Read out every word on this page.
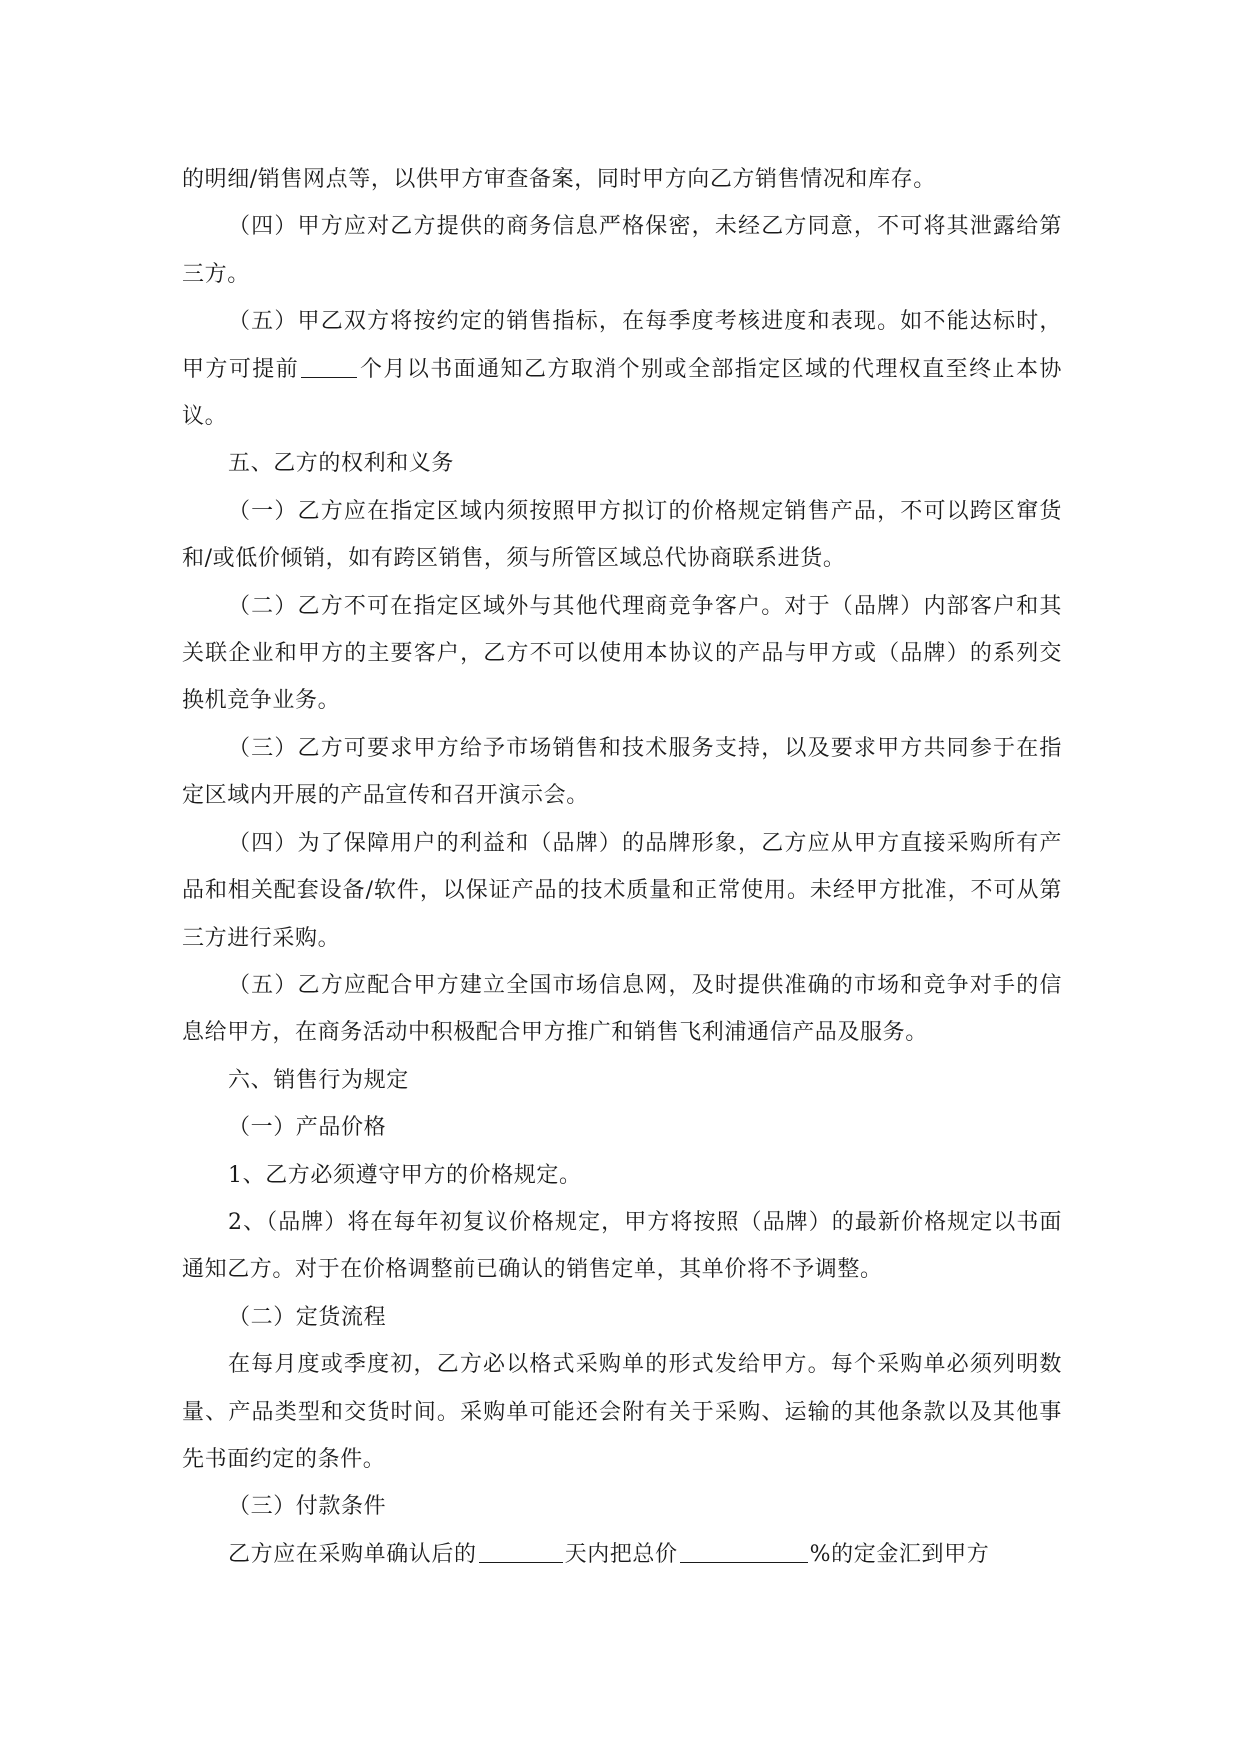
的明细/销售网点等，以供甲方审查备案，同时甲方向乙方销售情况和库存。

（四）甲方应对乙方提供的商务信息严格保密，未经乙方同意，不可将其泄露给第三方。

（五）甲乙双方将按约定的销售指标，在每季度考核进度和表现。如不能达标时，甲方可提前	个月以书面通知乙方取消个别或全部指定区域的代理权直至终止本协议。

五、乙方的权利和义务

（一）乙方应在指定区域内须按照甲方拟订的价格规定销售产品，不可以跨区窜货和/或低价倾销，如有跨区销售，须与所管区域总代协商联系进货。

（二）乙方不可在指定区域外与其他代理商竞争客户。对于（品牌）内部客户和其关联企业和甲方的主要客户，乙方不可以使用本协议的产品与甲方或（品牌）的系列交换机竞争业务。

（三）乙方可要求甲方给予市场销售和技术服务支持，以及要求甲方共同参于在指定区域内开展的产品宣传和召开演示会。

（四）为了保障用户的利益和（品牌）的品牌形象，乙方应从甲方直接采购所有产品和相关配套设备/软件，以保证产品的技术质量和正常使用。未经甲方批准，不可从第三方进行采购。

（五）乙方应配合甲方建立全国市场信息网，及时提供准确的市场和竞争对手的信息给甲方，在商务活动中积极配合甲方推广和销售飞利浦通信产品及服务。

六、销售行为规定

（一）产品价格

1、乙方必须遵守甲方的价格规定。

2、（品牌）将在每年初复议价格规定，甲方将按照（品牌）的最新价格规定以书面通知乙方。对于在价格调整前已确认的销售定单，其单价将不予调整。

（二）定货流程

在每月度或季度初，乙方必以格式采购单的形式发给甲方。每个采购单必须列明数量、产品类型和交货时间。采购单可能还会附有关于采购、运输的其他条款以及其他事先书面约定的条件。

（三）付款条件

乙方应在采购单确认后的	天内把总价	%的定金汇到甲方
